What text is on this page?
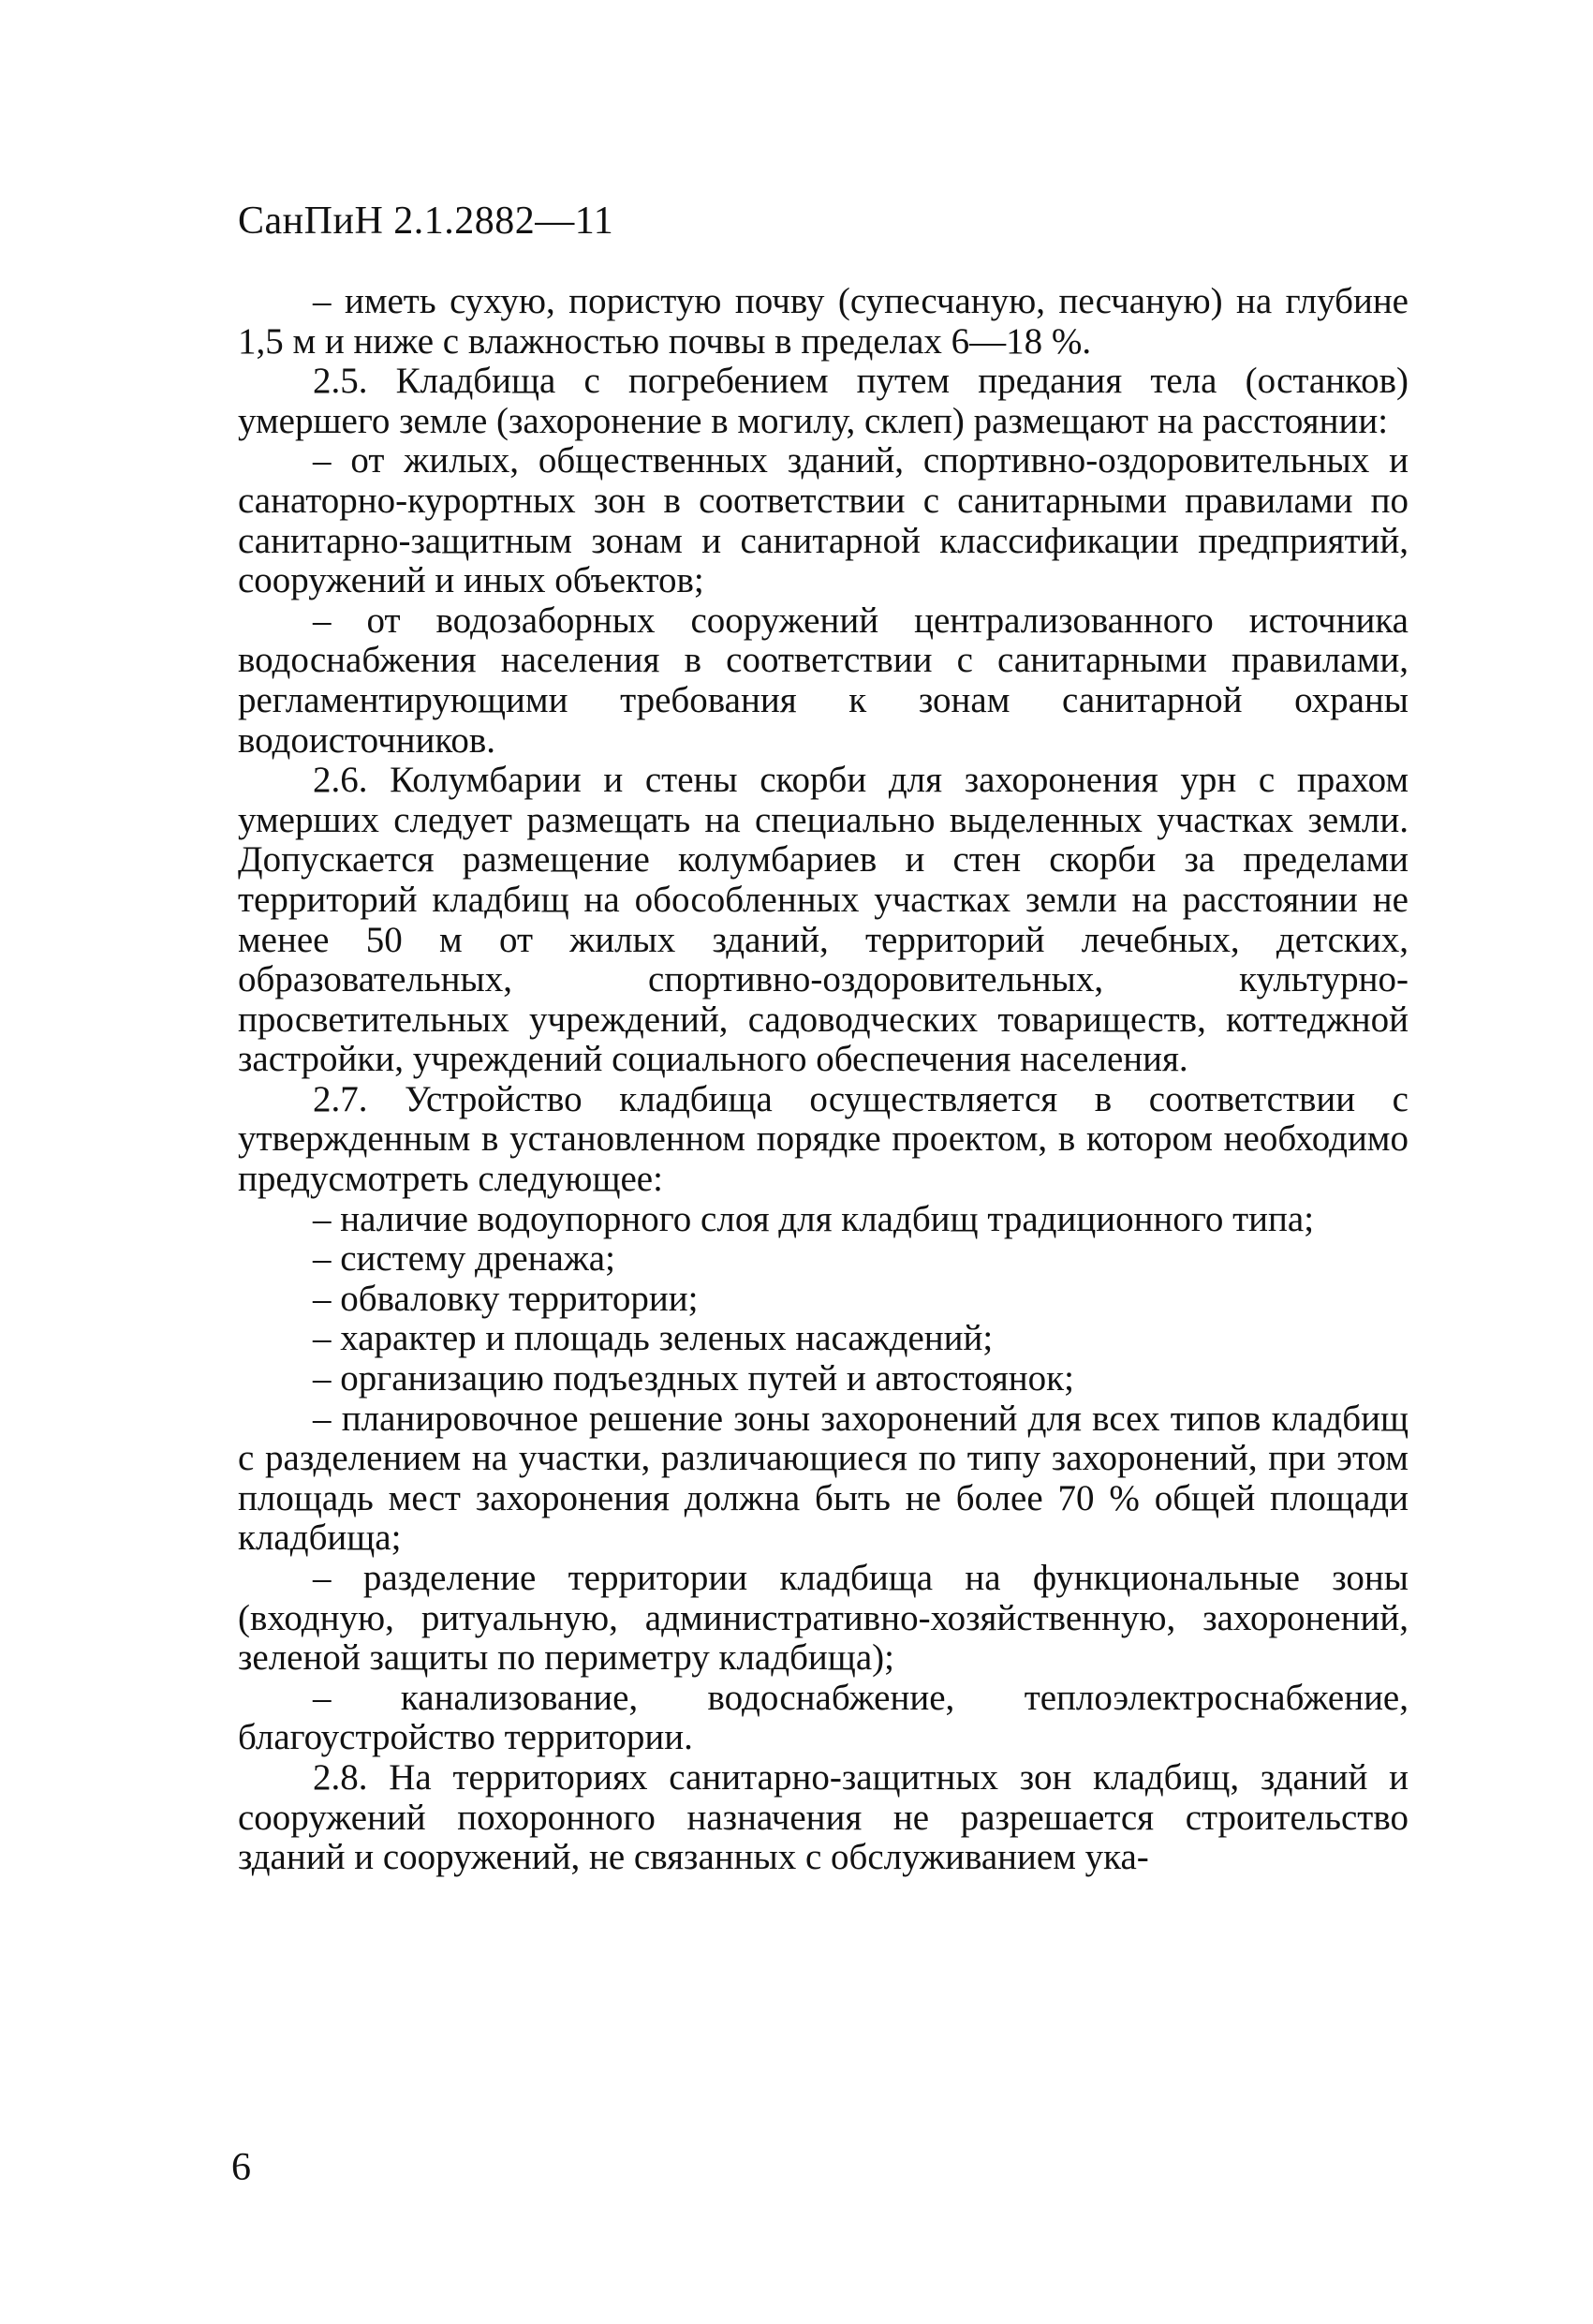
СанПиН 2.1.2882—11

– иметь сухую, пористую почву (супесчаную, песчаную) на глубине 1,5 м и ниже с влажностью почвы в пределах 6—18 %.

2.5. Кладбища с погребением путем предания тела (останков) умершего земле (захоронение в могилу, склеп) размещают на расстоянии:

– от жилых, общественных зданий, спортивно-оздоровительных и санаторно-курортных зон в соответствии с санитарными правилами по санитарно-защитным зонам и санитарной классификации предприятий, сооружений и иных объектов;

– от водозаборных сооружений централизованного источника водоснабжения населения в соответствии с санитарными правилами, регламентирующими требования к зонам санитарной охраны водоисточников.

2.6. Колумбарии и стены скорби для захоронения урн с прахом умерших следует размещать на специально выделенных участках земли. Допускается размещение колумбариев и стен скорби за пределами территорий кладбищ на обособленных участках земли на расстоянии не менее 50 м от жилых зданий, территорий лечебных, детских, образовательных, спортивно-оздоровительных, культурно-просветительных учреждений, садоводческих товариществ, коттеджной застройки, учреждений социального обеспечения населения.

2.7. Устройство кладбища осуществляется в соответствии с утвержденным в установленном порядке проектом, в котором необходимо предусмотреть следующее:

– наличие водоупорного слоя для кладбищ традиционного типа;

– систему дренажа;

– обваловку территории;

– характер и площадь зеленых насаждений;

– организацию подъездных путей и автостоянок;

– планировочное решение зоны захоронений для всех типов кладбищ с разделением на участки, различающиеся по типу захоронений, при этом площадь мест захоронения должна быть не более 70 % общей площади кладбища;

– разделение территории кладбища на функциональные зоны (входную, ритуальную, административно-хозяйственную, захоронений, зеленой защиты по периметру кладбища);

– канализование, водоснабжение, теплоэлектроснабжение, благоустройство территории.

2.8. На территориях санитарно-защитных зон кладбищ, зданий и сооружений похоронного назначения не разрешается строительство зданий и сооружений, не связанных с обслуживанием ука-

6
